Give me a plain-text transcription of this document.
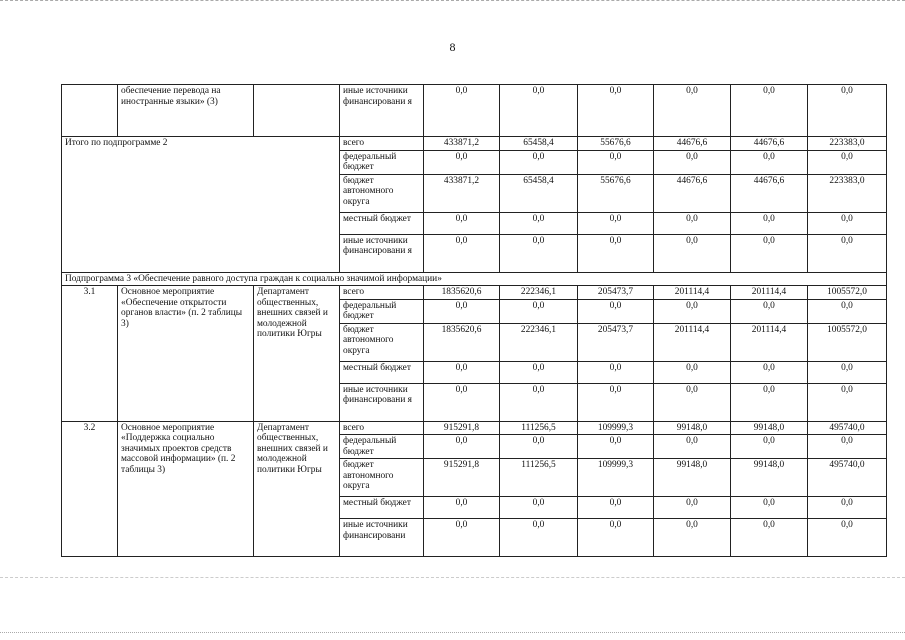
8
	обеспечение перевода на иностранные языки» (3)		иные источники финансировани я	0,0	0,0	0,0	0,0	0,0	0,0
Итого по подпрограмме 2			всего	433871,2	65458,4	55676,6	44676,6	44676,6	223383,0
			федеральный бюджет	0,0	0,0	0,0	0,0	0,0	0,0
			бюджет автономного округа	433871,2	65458,4	55676,6	44676,6	44676,6	223383,0
			местный бюджет	0,0	0,0	0,0	0,0	0,0	0,0
			иные источники финансировани я	0,0	0,0	0,0	0,0	0,0	0,0
Подпрограмма 3 «Обеспечение равного доступа граждан к социально значимой информации»									
3.1	Основное мероприятие «Обеспечение открытости органов власти» (п. 2 таблицы 3)	Департамент общественных, внешних связей и молодежной политики Югры	всего	1835620,6	222346,1	205473,7	201114,4	201114,4	1005572,0
			федеральный бюджет	0,0	0,0	0,0	0,0	0,0	0,0
			бюджет автономного округа	1835620,6	222346,1	205473,7	201114,4	201114,4	1005572,0
			местный бюджет	0,0	0,0	0,0	0,0	0,0	0,0
			иные источники финансировани я	0,0	0,0	0,0	0,0	0,0	0,0
3.2	Основное мероприятие «Поддержка социально значимых проектов средств массовой информации» (п. 2 таблицы 3)	Департамент общественных, внешних связей и молодежной политики Югры	всего	915291,8	111256,5	109999,3	99148,0	99148,0	495740,0
			федеральный бюджет	0,0	0,0	0,0	0,0	0,0	0,0
			бюджет автономного округа	915291,8	111256,5	109999,3	99148,0	99148,0	495740,0
			местный бюджет	0,0	0,0	0,0	0,0	0,0	0,0
			иные источники финансировани	0,0	0,0	0,0	0,0	0,0	0,0
